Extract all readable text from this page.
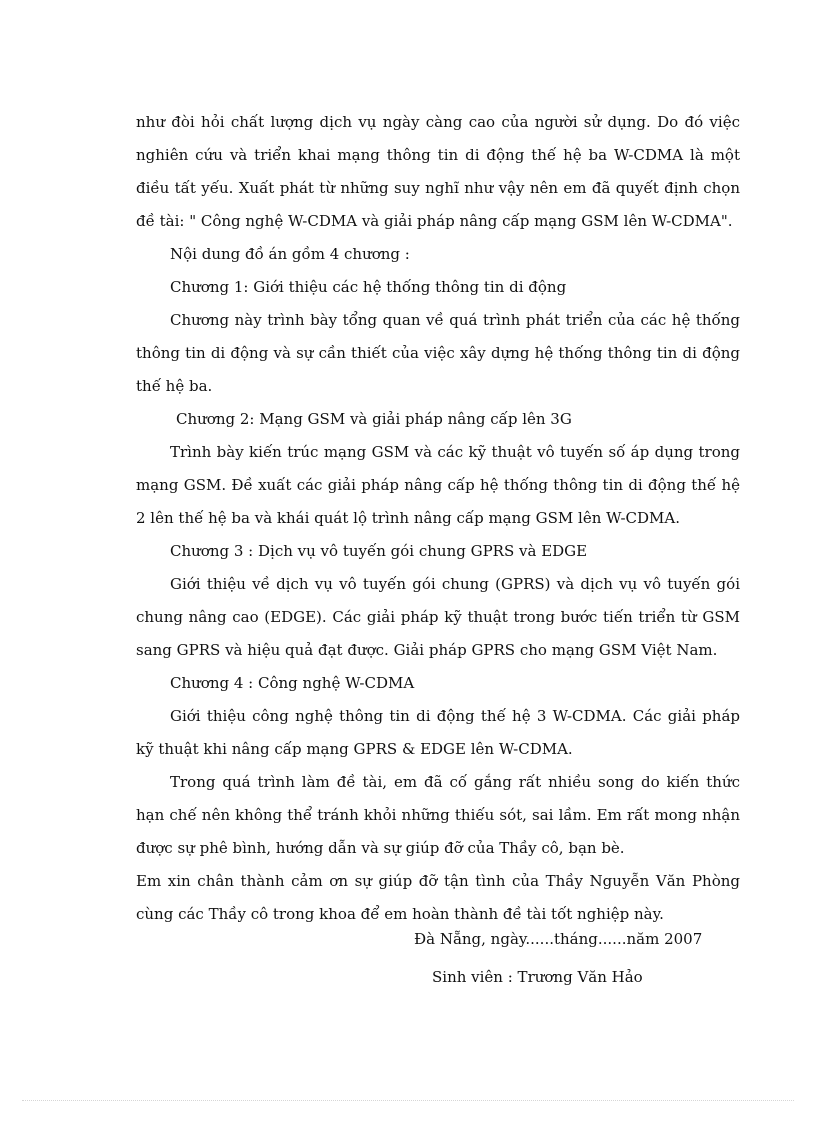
như đòi hỏi chất lượng dịch vụ ngày càng cao của người sử dụng. Do đó việc nghiên cứu và triển khai mạng thông tin di động thế hệ ba W-CDMA là một điều tất yếu. Xuất phát từ những suy nghĩ như vậy nên em đã quyết định chọn đề tài: " Công nghệ W-CDMA và giải pháp nâng cấp mạng GSM lên W-CDMA".

Nội dung đồ án gồm 4 chương :

Chương 1: Giới thiệu các hệ thống thông tin di động

Chương này trình bày tổng quan về quá trình phát triển của các hệ thống thông tin di động và sự cần thiết của việc xây dựng hệ thống thông tin di động thế hệ ba.

Chương 2: Mạng GSM và giải pháp nâng cấp lên 3G

Trình bày kiến trúc mạng GSM và các kỹ thuật vô tuyến số áp dụng trong mạng GSM. Đề xuất các giải pháp nâng cấp hệ thống thông tin di động thế hệ 2 lên thế hệ ba và khái quát lộ trình nâng cấp mạng GSM lên W-CDMA.

Chương 3 : Dịch vụ vô tuyến gói chung GPRS và EDGE

Giới thiệu về dịch vụ vô tuyến gói chung (GPRS) và dịch vụ vô tuyến gói chung nâng cao (EDGE). Các giải pháp kỹ thuật trong bước tiến triển từ GSM sang GPRS và hiệu quả đạt được. Giải pháp GPRS cho mạng GSM Việt Nam.

Chương 4 : Công nghệ W-CDMA

Giới thiệu công nghệ thông tin di động thế hệ 3 W-CDMA. Các giải pháp kỹ thuật khi nâng cấp mạng GPRS & EDGE lên W-CDMA.

Trong quá trình làm đề tài, em đã cố gắng rất nhiều song do kiến thức hạn chế nên không thể tránh khỏi những thiếu sót, sai lầm. Em rất mong nhận được sự phê bình, hướng dẫn và sự giúp đỡ của Thầy cô, bạn bè.

Em xin chân thành cảm ơn sự giúp đỡ tận tình của Thầy Nguyễn Văn Phòng cùng các Thầy cô trong khoa để em hoàn thành đề tài tốt nghiệp này.

Đà Nẵng, ngày......tháng......năm 2007
Sinh viên : Trương Văn Hảo
